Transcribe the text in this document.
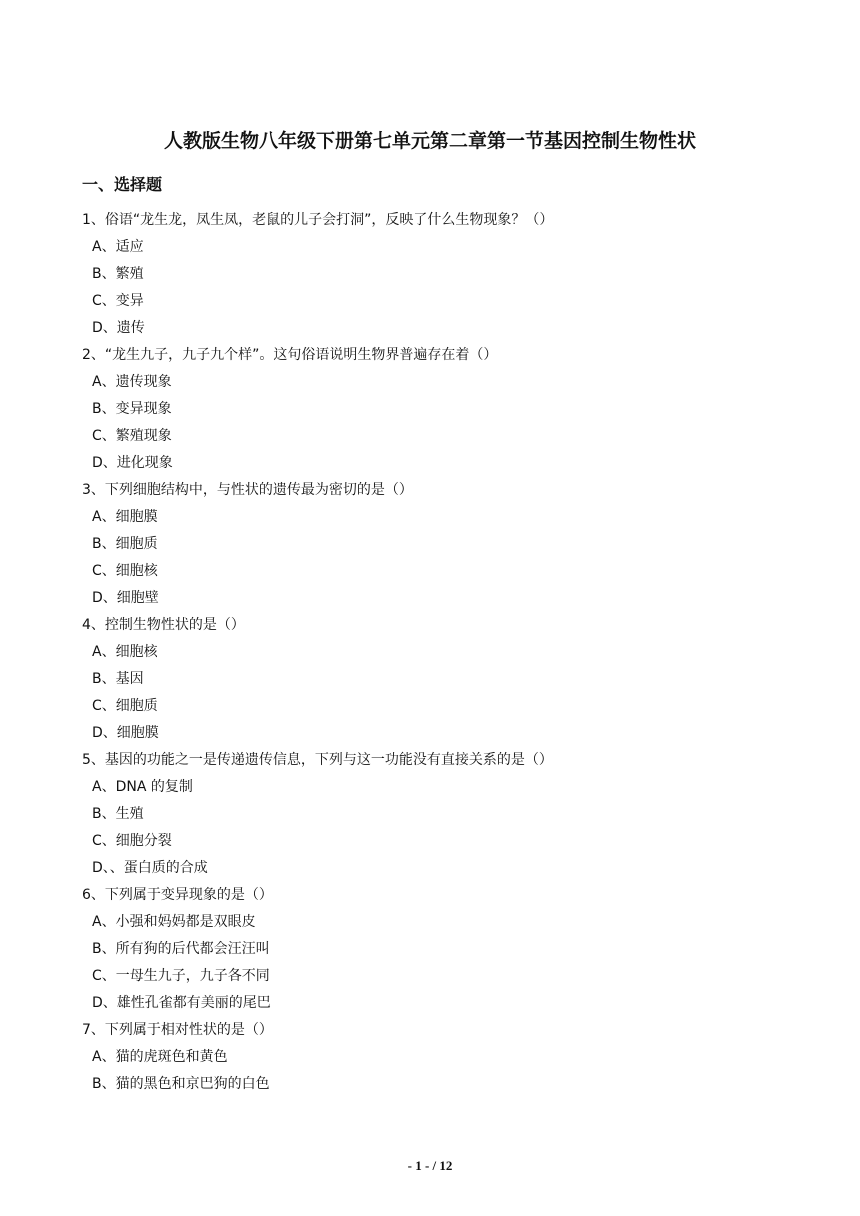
人教版生物八年级下册第七单元第二章第一节基因控制生物性状
一、选择题
1、俗语“龙生龙，凤生凤，老鼠的儿子会打洞”，反映了什么生物现象？（）
A、适应
B、繁殖
C、变异
D、遗传
2、“龙生九子，九子九个样”。这句俗语说明生物界普遍存在着（）
A、遗传现象
B、变异现象
C、繁殖现象
D、进化现象
3、下列细胞结构中，与性状的遗传最为密切的是（）
A、细胞膜
B、细胞质
C、细胞核
D、细胞壁
4、控制生物性状的是（）
A、细胞核
B、基因
C、细胞质
D、细胞膜
5、基因的功能之一是传递遗传信息，下列与这一功能没有直接关系的是（）
A、DNA 的复制
B、生殖
C、细胞分裂
D、、蛋白质的合成
6、下列属于变异现象的是（）
A、小强和妈妈都是双眼皮
B、所有狗的后代都会汪汪叫
C、一母生九子，九子各不同
D、雄性孔雀都有美丽的尾巴
7、下列属于相对性状的是（）
A、猫的虎斑色和黄色
B、猫的黑色和京巴狗的白色
- 1 - / 12
